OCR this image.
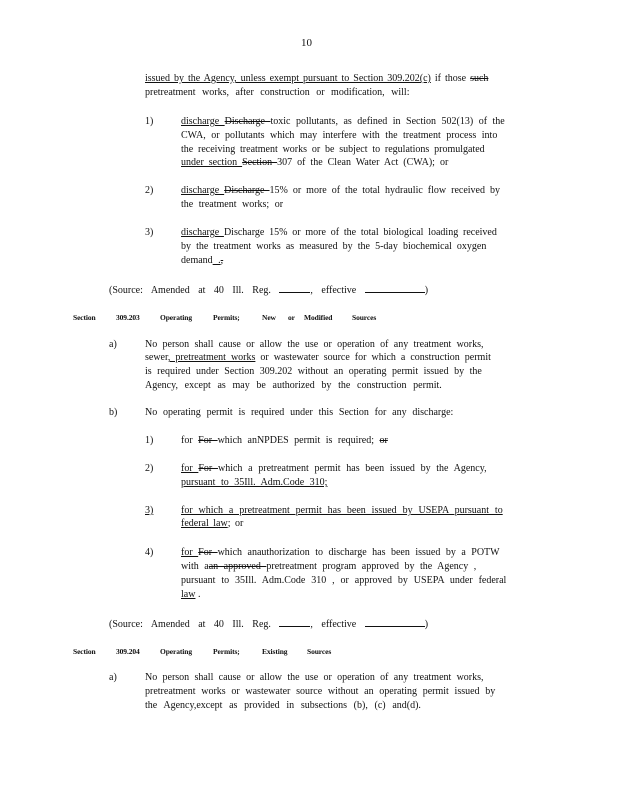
10
issued by the Agency, unless exempt pursuant to Section 309.202(c) if those such
pretreatment works, after construction or modification, will:
1)	discharge Discharge toxic pollutants, as defined in Section 502(13) of the
CWA, or pollutants which may interfere with the treatment process into
the receiving treatment works or be subject to regulations promulgated
under section Section 307 of the Clean Water Act (CWA); or
2)	discharge Discharge 15% or more of the total hydraulic flow received by
the treatment works; or
3)	discharge Discharge 15% or more of the total biological loading received
by the treatment works as measured by the 5-day biochemical oxygen
demand .,
(Source: Amended at 40 Ill. Reg.	, effective	)
Section	309.203	Operating	Permits;	New or Modified	Sources
a)	No person shall cause or allow the use or operation of any treatment works,
sewer, pretreatment works or wastewater source for which a construction permit
is required under Section 309.202 without an operating permit issued by the
Agency, except as may be authorized by the construction permit.
b)	No operating permit is required under this Section for any discharge:
1)	for For which anNPDES permit is required; or
2)	for For which a pretreatment permit has been issued by the Agency,
pursuant to 35Ill. Adm.Code 310;
3)	for which a pretreatment permit has been issued by USEPA pursuant to
federal law; or
4)	for For which anauthorization to discharge has been issued by a POTW
with aan approved pretreatment program approved by the Agency ,
pursuant to 35Ill. Adm.Code 310 , or approved by USEPA under federal
law .
(Source: Amended at 40 Ill. Reg.	, effective	)
Section	309.204	Operating	Permits;	Existing	Sources
a)	No person shall cause or allow the use or operation of any treatment works,
pretreatment works or wastewater source without an operating permit issued by
the Agency,except as provided in subsections (b), (c) and(d).
